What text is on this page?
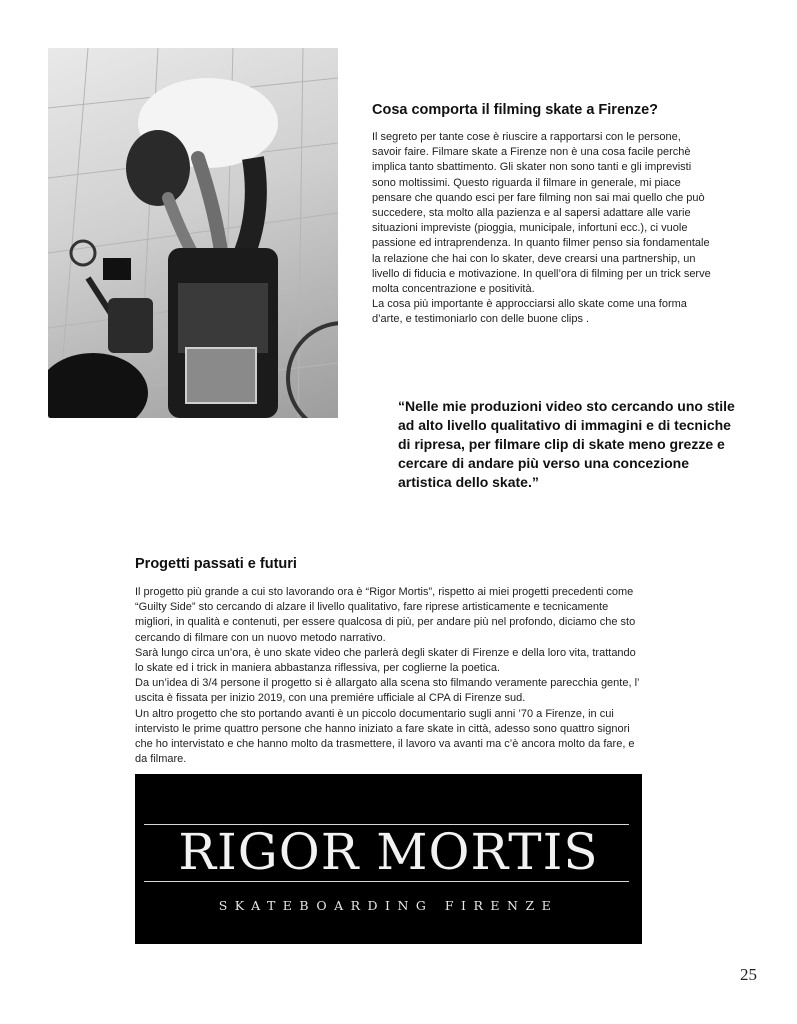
Cosa comporta il filming skate a Firenze?

Il segreto per tante cose è riuscire a rapportarsi con le persone, savoir faire. Filmare skate a Firenze non è una cosa facile perchè implica tanto sbattimento. Gli skater non sono tanti e gli imprevisti sono moltissimi. Questo riguarda il filmare in generale, mi piace pensare che quando esci per fare filming non sai mai quello che può succedere, sta molto alla pazienza e al sapersi adattare alle varie situazioni impreviste (pioggia, municipale, infortuni ecc.), ci vuole passione ed intraprendenza. In quanto filmer penso sia fondamentale la relazione che hai con lo skater, deve crearsi una partnership, un livello di fiducia e motivazione. In quell’ora di filming per un trick serve molta concentrazione e positività.

La cosa più importante è approcciarsi allo skate come una forma d’arte, e testimoniarlo con delle buone clips .

“Nelle mie produzioni video sto cercando uno stile ad alto livello qualitativo di immagini e di tecniche di ripresa, per filmare clip di skate meno grezze e cercare di andare più verso una concezione artistica dello skate.”

Progetti passati e futuri

Il progetto più grande a cui sto lavorando ora è “Rigor Mortis”, rispetto ai miei progetti precedenti come “Guilty Side” sto cercando di alzare il livello qualitativo, fare riprese artisticamente e tecnicamente migliori, in qualità e contenuti, per essere qualcosa di più, per andare più nel profondo, diciamo che sto cercando di filmare con un nuovo metodo narrativo.

Sarà lungo circa un’ora, è uno skate video che parlerà degli skater di Firenze e della loro vita, trattando lo skate ed i trick in maniera abbastanza riflessiva, per coglierne la poetica.

Da un’idea di 3/4 persone il progetto si è allargato alla scena sto filmando veramente parecchia gente, l’ uscita è fissata per inizio 2019, con una premiére ufficiale al CPA di Firenze sud.

Un altro progetto che sto portando avanti è un piccolo documentario sugli anni ’70 a Firenze, in cui intervisto le prime quattro persone che hanno iniziato a fare skate in città, adesso sono quattro signori che ho intervistato e che hanno molto da trasmettere, il lavoro va avanti ma c’è ancora molto da fare, e da filmare.

RIGOR MORTIS
SKATEBOARDING FIRENZE
25
